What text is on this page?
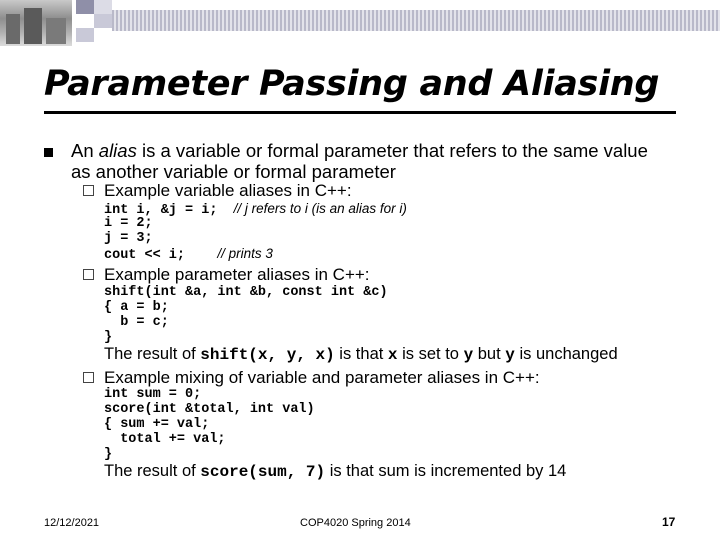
Parameter Passing and Aliasing
An alias is a variable or formal parameter that refers to the same value as another variable or formal parameter
Example variable aliases in C++:
int i, &j = i; // j refers to i (is an alias for i)
i = 2;
j = 3;
cout << i; // prints 3
Example parameter aliases in C++:
shift(int &a, int &b, const int &c)
{ a = b;
b = c;
}
The result of shift(x, y, x) is that x is set to y but y is unchanged
Example mixing of variable and parameter aliases in C++:
int sum = 0;
score(int &total, int val)
{ sum += val;
total += val;
}
The result of score(sum, 7) is that sum is incremented by 14
12/12/2021	COP4020 Spring 2014	17
